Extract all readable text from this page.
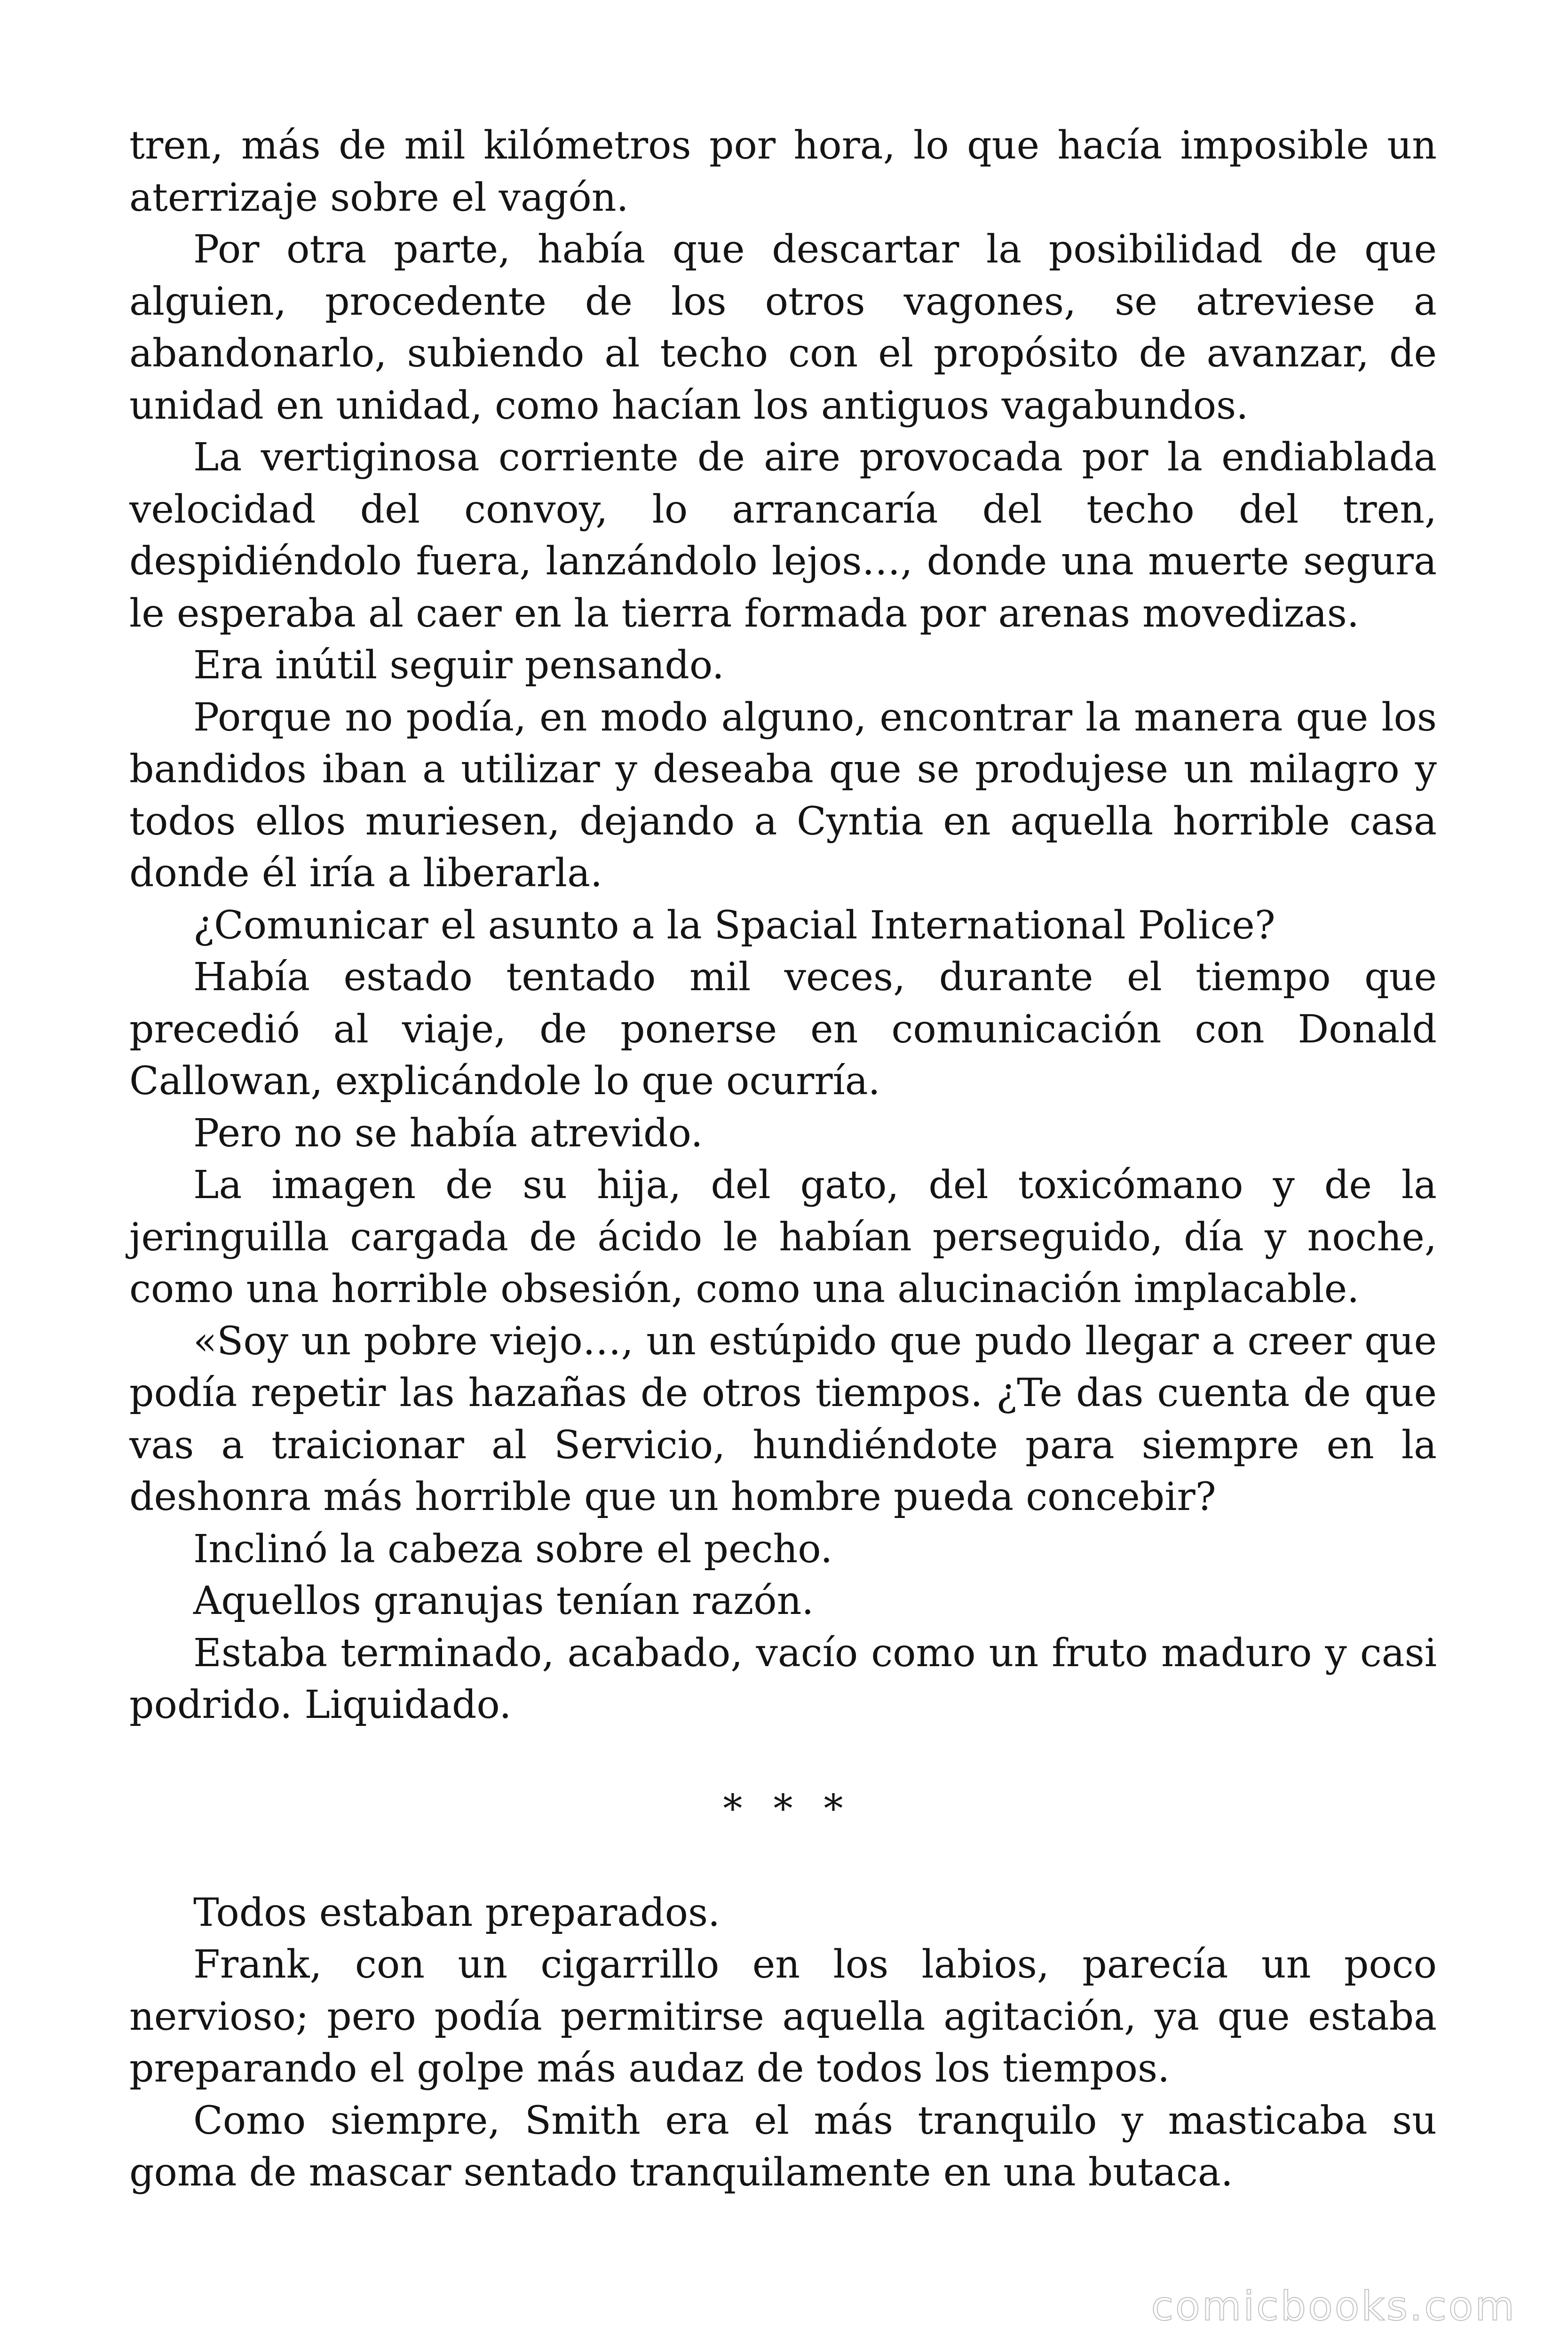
tren, más de mil kilómetros por hora, lo que hacía imposible un aterrizaje sobre el vagón.

Por otra parte, había que descartar la posibilidad de que alguien, procedente de los otros vagones, se atreviese a abandonarlo, subiendo al techo con el propósito de avanzar, de unidad en unidad, como hacían los antiguos vagabundos.

La vertiginosa corriente de aire provocada por la endiablada velocidad del convoy, lo arrancaría del techo del tren, despidiéndolo fuera, lanzándolo lejos…, donde una muerte segura le esperaba al caer en la tierra formada por arenas movedizas.

Era inútil seguir pensando.

Porque no podía, en modo alguno, encontrar la manera que los bandidos iban a utilizar y deseaba que se produjese un milagro y todos ellos muriesen, dejando a Cyntia en aquella horrible casa donde él iría a liberarla.

¿Comunicar el asunto a la Spacial International Police?

Había estado tentado mil veces, durante el tiempo que precedió al viaje, de ponerse en comunicación con Donald Callowan, explicándole lo que ocurría.

Pero no se había atrevido.

La imagen de su hija, del gato, del toxicómano y de la jeringuilla cargada de ácido le habían perseguido, día y noche, como una horrible obsesión, como una alucinación implacable.

«Soy un pobre viejo…, un estúpido que pudo llegar a creer que podía repetir las hazañas de otros tiempos. ¿Te das cuenta de que vas a traicionar al Servicio, hundiéndote para siempre en la deshonra más horrible que un hombre pueda concebir?

Inclinó la cabeza sobre el pecho.

Aquellos granujas tenían razón.

Estaba terminado, acabado, vacío como un fruto maduro y casi podrido. Liquidado.

* * *

Todos estaban preparados.

Frank, con un cigarrillo en los labios, parecía un poco nervioso; pero podía permitirse aquella agitación, ya que estaba preparando el golpe más audaz de todos los tiempos.

Como siempre, Smith era el más tranquilo y masticaba su goma de mascar sentado tranquilamente en una butaca.

comicbooks.com
